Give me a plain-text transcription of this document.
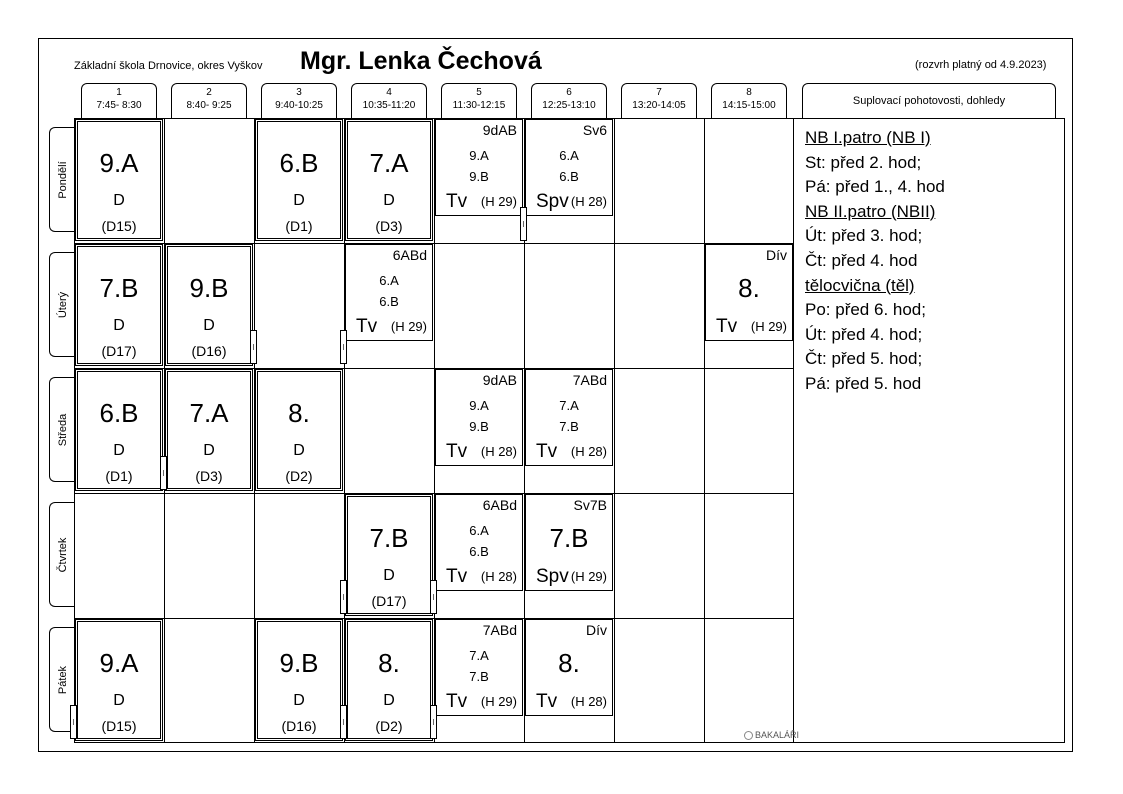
Základní škola Drnovice, okres Vyškov Mgr. Lenka Čechová	(rozvrh platný od 4.9.2023)
1
7:45- 8:30
2
8:40- 9:25
3
9:40-10:25
4
10:35-11:20
5
11:30-12:15
6
12:25-13:10
7
13:20-14:05
8
14:15-15:00	Suplovací pohotovosti, dohledy
Pondělí
Úterý
Středa
Čtvrtek
Pátek
NB I.patro (NB I)
St: před 2. hod;
Pá: před 1., 4. hod
NB II.patro (NBII)
Út: před 3. hod;
Čt: před 4. hod
tělocvična (těl)
Po: před 6. hod;
Út: před 4. hod;
Čt: před 5. hod;
Pá: před 5. hod
9.A
D
(D15)
6.B
D
(D1)
7.A
D
(D3)
7.B
D
(D17)
9.B
D
(D16)
6.B
D
(D1)
7.A
D
(D3)
8.
D
(D2)
7.B
D
(D17)
9.A
D
(D15)
9.B
D
(D16)
8.
D
(D2)
9dAB
9.A
9.B
Tv (H 29)
Sv6
6.A
6.B
Spv (H 28)
6ABd
6.A
6.B
Tv (H 29)
Dív
8.
Tv (H 29)
9dAB
9.A
9.B
Tv (H 28)
7ABd
7.A
7.B
Tv (H 28)
6ABd
6.A
6.B
Tv (H 28)
Sv7B
7.B
Spv (H 29)
7ABd
7.A
7.B
Tv (H 29)
Dív
8.
Tv (H 28)
BAKALÁŘI
